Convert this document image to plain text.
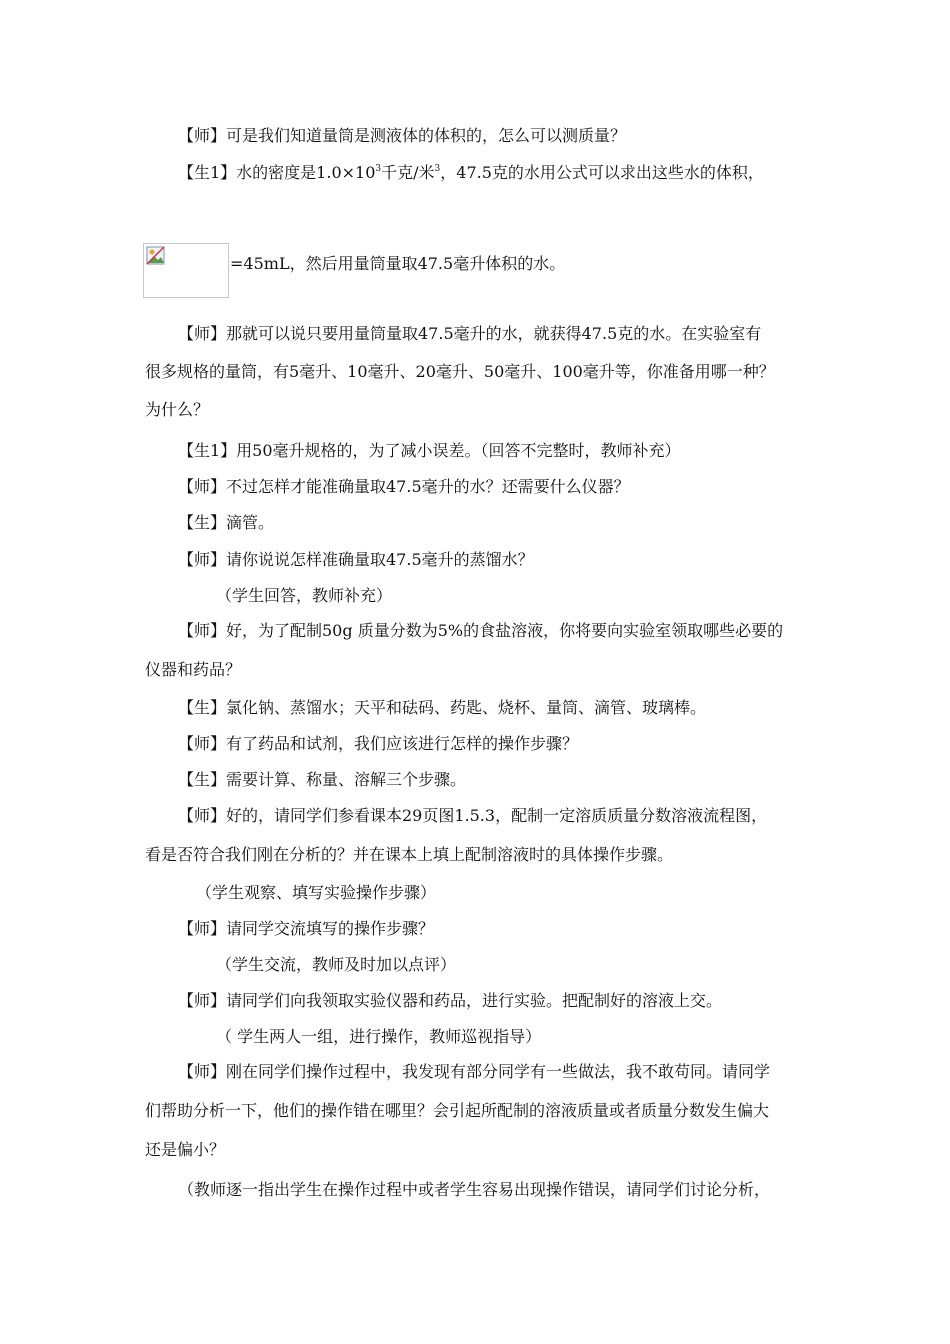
【师】可是我们知道量筒是测液体的体积的，怎么可以测质量？
【生1】水的密度是$1.0\times 10^3$千克/米$^3$，47.5克的水用公式可以求出这些水的体积，
=45mL，然后用量筒量取47.5毫升体积的水。
【师】那就可以说只要用量筒量取47.5毫升的水，就获得47.5克的水。在实验室有
很多规格的量筒，有5毫升、10毫升、20毫升、50毫升、100毫升等，你准备用哪一种？
为什么？
【生1】用50毫升规格的，为了减小误差。（回答不完整时，教师补充）
【师】不过怎样才能准确量取47.5毫升的水？还需要什么仪器？
【生】滴管。
【师】请你说说怎样准确量取47.5毫升的蒸馏水？
（学生回答，教师补充）
【师】好，为了配制50g 质量分数为5%的食盐溶液，你将要向实验室领取哪些必要的
仪器和药品？
【生】氯化钠、蒸馏水；天平和砝码、药匙、烧杯、量筒、滴管、玻璃棒。
【师】有了药品和试剂，我们应该进行怎样的操作步骤？
【生】需要计算、称量、溶解三个步骤。
【师】好的，请同学们参看课本29页图1.5.3，配制一定溶质质量分数溶液流程图，
看是否符合我们刚在分析的？并在课本上填上配制溶液时的具体操作步骤。
（学生观察、填写实验操作步骤）
【师】请同学交流填写的操作步骤？
（学生交流，教师及时加以点评）
【师】请同学们向我领取实验仪器和药品，进行实验。把配制好的溶液上交。
（ 学生两人一组，进行操作，教师巡视指导）
【师】刚在同学们操作过程中，我发现有部分同学有一些做法，我不敢苟同。请同学
们帮助分析一下，他们的操作错在哪里？会引起所配制的溶液质量或者质量分数发生偏大
还是偏小？
（教师逐一指出学生在操作过程中或者学生容易出现操作错误，请同学们讨论分析，
